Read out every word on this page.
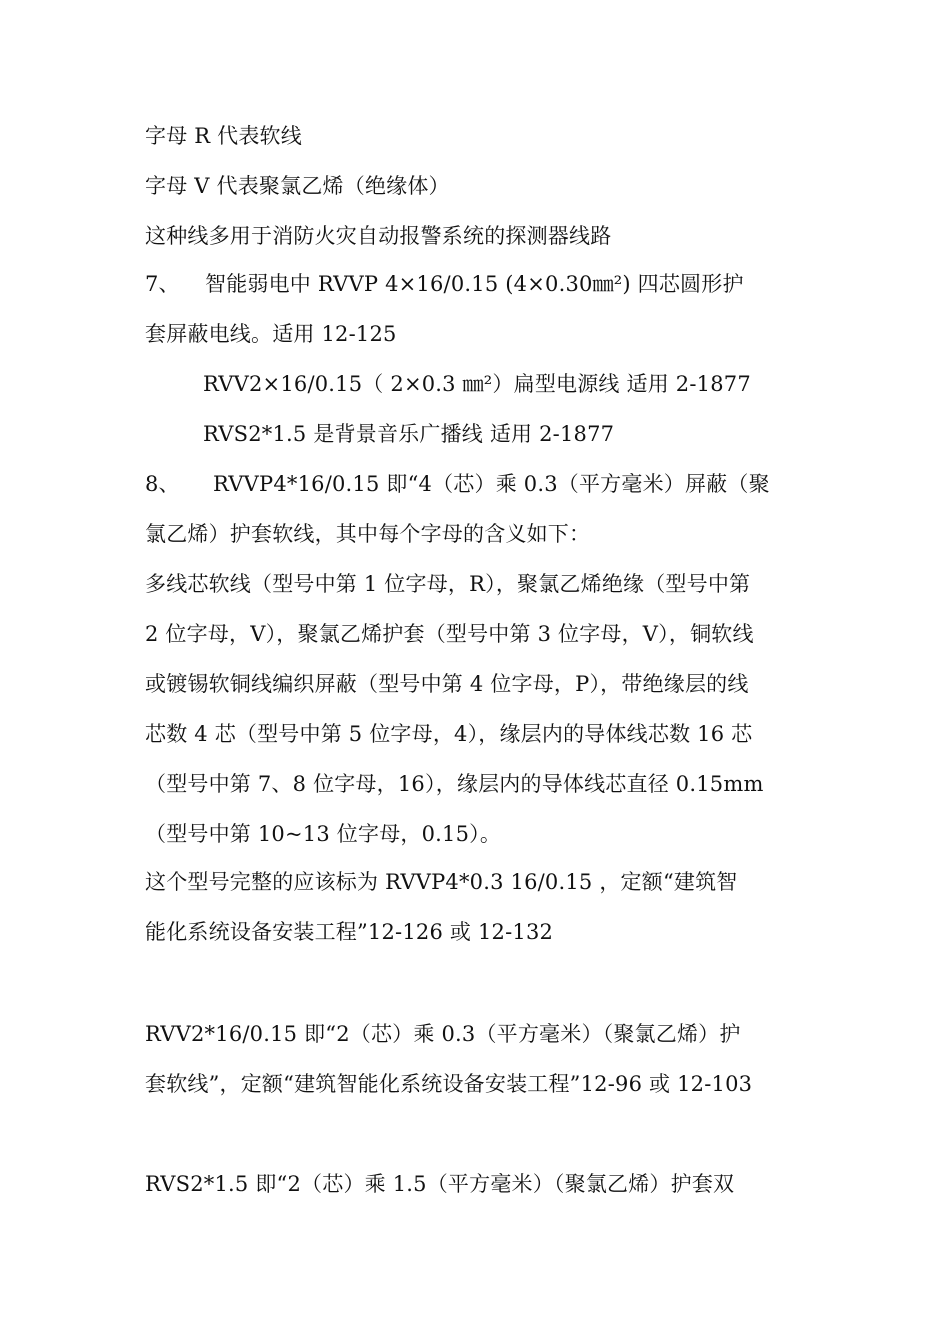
字母 R 代表软线
字母 V 代表聚氯乙烯（绝缘体）
这种线多用于消防火灾自动报警系统的探测器线路
7、 智能弱电中 RVVP 4×16/0.15 (4×0.30㎜²) 四芯圆形护
套屏蔽电线。适用 12-125
RVV2×16/0.15（ 2×0.3 ㎜²）扁型电源线 适用 2-1877
RVS2*1.5 是背景音乐广播线 适用 2-1877
8、 RVVP4*16/0.15 即“4（芯）乘 0.3（平方毫米）屏蔽（聚
氯乙烯）护套软线，其中每个字母的含义如下：
多线芯软线（型号中第 1 位字母，R），聚氯乙烯绝缘（型号中第
2 位字母，V），聚氯乙烯护套（型号中第 3 位字母，V），铜软线
或镀锡软铜线编织屏蔽（型号中第 4 位字母，P），带绝缘层的线
芯数 4 芯（型号中第 5 位字母，4），缘层内的导体线芯数 16 芯
（型号中第 7、8 位字母，16），缘层内的导体线芯直径 0.15mm
（型号中第 10~13 位字母，0.15）。
这个型号完整的应该标为 RVVP4*0.3 16/0.15 ，定额“建筑智
能化系统设备安装工程”12-126 或 12-132
RVV2*16/0.15 即“2（芯）乘 0.3（平方毫米）（聚氯乙烯）护
套软线”，定额“建筑智能化系统设备安装工程”12-96 或 12-103
RVS2*1.5 即“2（芯）乘 1.5（平方毫米）（聚氯乙烯）护套双
